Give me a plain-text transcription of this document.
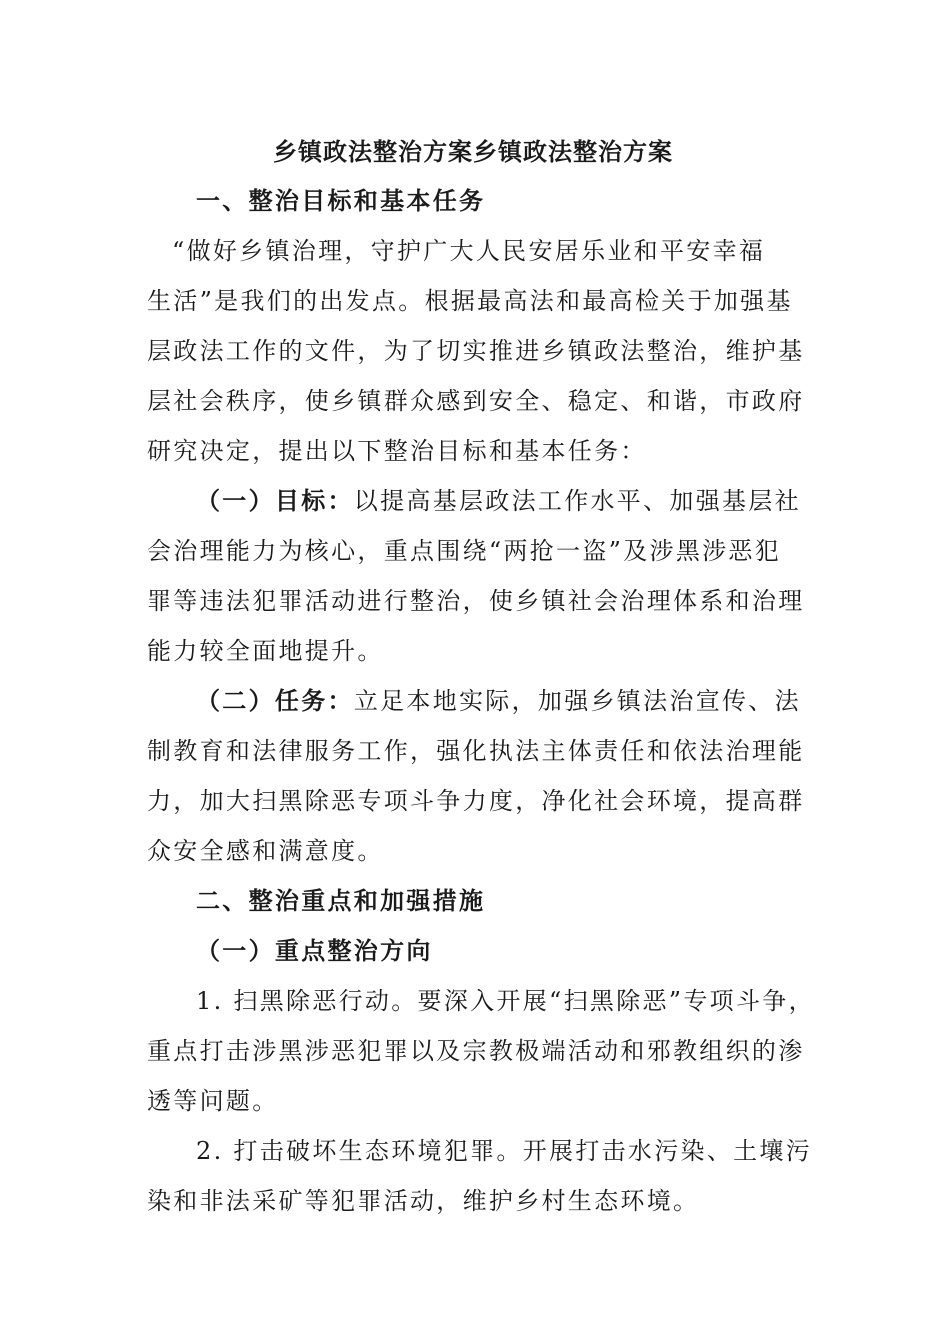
乡镇政法整治方案乡镇政法整治方案
一、整治目标和基本任务
“做好乡镇治理，守护广大人民安居乐业和平安幸福
生活”是我们的出发点。根据最高法和最高检关于加强基
层政法工作的文件，为了切实推进乡镇政法整治，维护基
层社会秩序，使乡镇群众感到安全、稳定、和谐，市政府
研究决定，提出以下整治目标和基本任务：
（一）目标：以提高基层政法工作水平、加强基层社
会治理能力为核心，重点围绕“两抢一盗”及涉黑涉恶犯
罪等违法犯罪活动进行整治，使乡镇社会治理体系和治理
能力较全面地提升。
（二）任务：立足本地实际，加强乡镇法治宣传、法
制教育和法律服务工作，强化执法主体责任和依法治理能
力，加大扫黑除恶专项斗争力度，净化社会环境，提高群
众安全感和满意度。
二、整治重点和加强措施
（一）重点整治方向
1. 扫黑除恶行动。要深入开展“扫黑除恶”专项斗争，
重点打击涉黑涉恶犯罪以及宗教极端活动和邪教组织的渗
透等问题。
2. 打击破坏生态环境犯罪。开展打击水污染、土壤污
染和非法采矿等犯罪活动，维护乡村生态环境。
